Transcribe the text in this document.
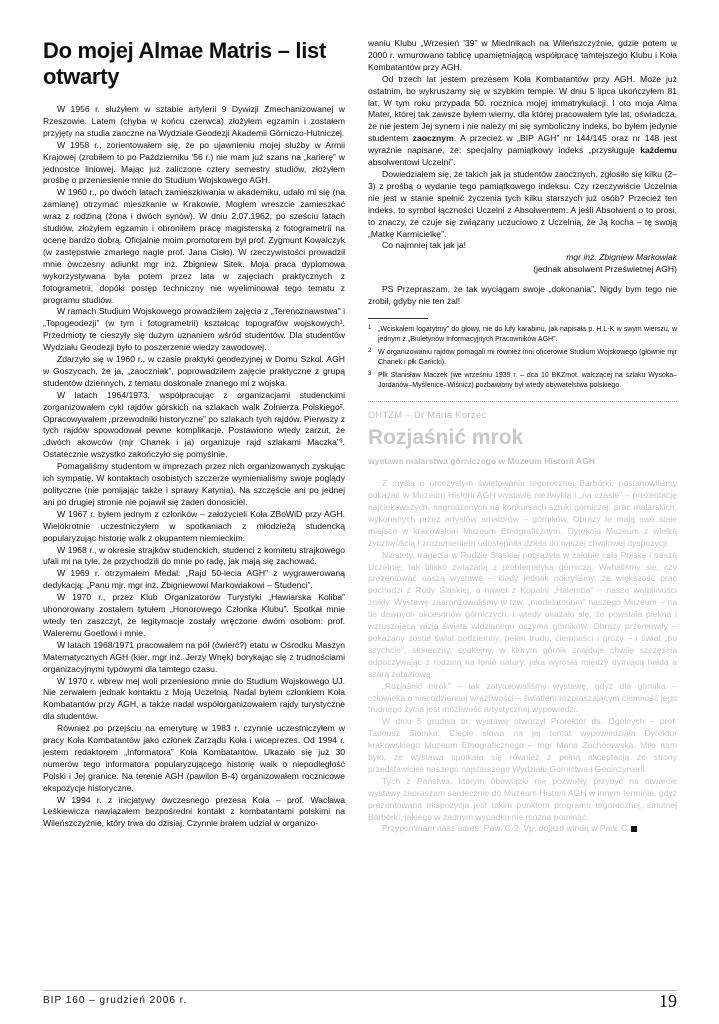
Do mojej Almae Matris – list otwarty

W 1956 r. służyłem w sztabie artylerii 9 Dywizji Zmechanizowanej w Rzeszowie. Latem (chyba w końcu czerwca) złożyłem egzamin i zostałem przyjęty na studia zaoczne na Wydziale Geodezji Akademii Górniczo-Hutniczej.

W 1958 r., zorientowałem się, że po ujawnieniu mojej służby w Armii Krajowej (zrobiłem to po Październiku '56 r.) nie mam już szans na „karierę” w jednostce liniowej. Mając już zaliczone cztery semestry studiów, złożyłem prośbę o przeniesienie mnie do Studium Wojskowego AGH.

W 1960 r., po dwóch latach zamieszkiwania w akademiku, udało mi się (na zamianę) otrzymać mieszkanie w Krakowie. Mogłem wreszcie zamieszkać wraz z rodziną (żona i dwóch synów). W dniu 2.07.1962, po sześciu latach studiów, złożyłem egzamin i obroniłem pracę magisterską z fotogrametrii na ocenę bardzo dobrą. Oficjalnie moim promotorem był prof. Zygmunt Kowalczyk (w zastępstwie zmarłego nagle prof. Jana Cisło). W rzeczywistości prowadził mnie ówczesny adiunkt mgr inż. Zbigniew Sitek. Moja praca dyplomowa wykorzystywana była potem przez lata w zajęciach praktycznych z fotogrametrii, dopóki postęp techniczny nie wyeliminował tego tematu z programu studiów.

W ramach Studium Wojskowego prowadziłem zajęcia z „Terenoznawstwa” i „Topogeodezji” (w tym i fotogrametrii) kształcąc topografów wojskowych¹. Przedmioty te cieszyły się dużym uznaniem wśród studentów. Dla studentów Wydziału Geodezji było to poszerzenie wiedzy zawodowej.

Zdarzyło się w 1960 r., w czasie praktyki geodezyjnej w Domu Szkol. AGH w Goszycach, że ja, „zaoczniak”, poprowadziłem zajęcie praktyczne z grupą studentów dziennych, z tematu doskonale znanego mi z wojska.

W latach 1964/1973, współpracując z organizacjami studenckimi zorganizowałem cykl rajdów górskich na szlakach walk Żołnierza Polskiego². Opracowywałem „przewodniki historyczne” po szlakach tych rajdów. Pierwszy z tych rajdów spowodował pewne komplikacje. Postawiono wtedy zarzut, że „dwóch akowców (mjr Chanek i ja) organizuje rajd szlakami Maczka”³. Ostatecznie wszystko zakończyło się pomyślnie.

Pomagaliśmy studentom w imprezach przez nich organizowanych zyskując ich sympatię. W kontaktach osobistych szczerze wymienialiśmy swoje poglądy polityczne (nie pomijając także i sprawy Katynia). Na szczęście ani po jednej ani po drugiej stronie nie pojawił się żaden donosiciel.

W 1967 r. byłem jednym z członków – założycieli Koła ZBoWiD przy AGH. Wielokrotnie uczestniczyłem w spotkaniach z młodzieżą studencką popularyzując historię walk z okupantem niemieckim.

W 1968 r., w okresie strajków studenckich, studenci z komitetu strajkowego ufali mi na tyle, że przychodzili do mnie po radę, jak mają się zachować.

W 1969 r. otrzymałem Medal: „Rajd 50-lecia AGH” z wygrawerowaną dedykacją: „Panu mjr. mgr inż. Zbigniewowi Markowiakowi – Studenci”.

W 1970 r., przez Klub Organizatorów Turystyki „Hawiarska Koliba” uhonorowany zostałem tytułem „Honorowego Członka Klubu”. Spotkał mnie wtedy ten zaszczyt, że legitymacje zostały wręczone dwóm osobom: prof. Waleremu Goetlowi i mnie.

W latach 1968/1971 pracowałem na pół (ćwierć?) etatu w Ośrodku Maszyn Matematycznych AGH (kier. mgr inż. Jerzy Wnęk) borykając się z trudnościami organizacyjnymi typowymi dla tamtego czasu.

W 1970 r. wbrew mej woli przeniesiono mnie do Studium Wojskowego UJ. Nie zerwałem jednak kontaktu z Moją Uczelnią. Nadal byłem członkiem Koła Kombatantów przy AGH, a także nadal współorganizowałem rajdy turystyczne dla studentów.

Również po przejściu na emeryturę w 1983 r. czynnie uczestniczyłem w pracy Koła Kombatantów jako członek Zarządu Koła i wiceprezes. Od 1994 r. jestem redaktorem „Informatora” Koła Kombatantów. Ukazało się już 30 numerów tego informatora popularyzującego historię walk o niepodległość Polski i Jej granice. Na terenie AGH (pawilon B-4) organizowałem rocznicowe ekspozycje historyczne.

W 1994 r. z inicjatywy ówczesnego prezesa Koła – prof. Wacława Leśkiewicza nawiązałem bezpośredni kontakt z kombatantami polskimi na Wileńszczyźnie, który trwa do dzisiaj. Czynnie brałem udział w organizo-

waniu Klubu „Wrzesień '39” w Miednikach na Wileńszczyźnie, gdzie potem w 2000 r. wmurowano tablicę upamiętniającą współpracę tamtejszego Klubu i Koła Kombatantów przy AGH.

Od trzech lat jestem prezesem Koła Kombatantów przy AGH. Może już ostatnim, bo wykruszamy się w szybkim tempie. W dniu 5 lipca ukończyłem 81 lat. W tym roku przypada 50. rocznica mojej immatrykulacji. I oto moja Alma Mater, której tak zawsze byłem wierny, dla której pracowałem tyle lat, oświadcza, że nie jestem Jej synem i nie należy mi się symboliczny indeks, bo byłem jedynie studentem zaocznym. A przecież w „BIP AGH” nr 144/145 oraz nr 148 jest wyraźnie napisane, że: specjalny pamiątkowy indeks „przysługuje każdemu absolwentowi Uczelni”.

Dowiedziałem się, że takich jak ja studentów zaocznych, zgłosiło się kilku (2–3) z prośbą o wydanie tego pamiątkowego indeksu. Czy rzeczywiście Uczelnia nie jest w stanie spełnić życzenia tych kilku starszych już osób? Przecież ten indeks, to symbol łączności Uczelni z Absolwentem. A jeśli Absolwent o to prosi, to znaczy, że czuje się związany uczuciowo z Uczelnią, że Ją kocha – tę swoją „Matkę Karmicielkę”.

Co najmniej tak jak ja!

mgr inż. Zbigniew Markowiak

(jednak absolwent Prześwietnej AGH)

PS Przepraszam, że tak wyciągam swoje „dokonania”. Nigdy bym tego nie zrobił, gdyby nie ten żal!

1 „Wciskałem logarytmy” do głowy, nie do lufy karabinu, jak napisała p. H.L-K w swym wierszu, w jednym z „Biuletynów Informacyjnych Pracowników AGH”.

2 W organizowaniu rajdów pomagali mi również inni oficerowie Studium Wojskowego (głównie mjr Chanek i płk Garlicki).

3 Płk Stanisław Maczek (we wrześniu 1939 r. – dca 10 BKZmot. walczącej na szlaku Wysoka–Jordanów–Myślenice–Wiśnicz) pozbawiony był wtedy obywatelstwa polskiego.

OHTZM – Dr Maria Korzec
Rozjaśnić mrok
wystawa malarstwa górniczego w Muzeum Historii AGH

Z myślą o uroczystym świętowaniu tegorocznej Barbórki, postanowiliśmy pokazać w Muzeum Historii AGH wystawę niezwykłą i „na czasie” – prezentację najciekawszych, nagrodzonych na konkursach sztuki górniczej, prac malarskich, wykonanych przez artystów amatorów – górników. Obrazy te mają swe stałe miejsce w krakowskim Muzeum Etnograficznym. Dyrekcja Muzeum z wielką życzliwością i zrozumieniem udostępniła dzieła do naszej chwilowej dyspozycji.

Niestety, tragedia w Rudzie Śląskiej pogrążyła w żałobie całą Polskę i naszą Uczelnię, tak blisko związaną z problematyką górniczą. Wahaliśmy się, czy prezentować naszą wystawę – kiedy jednak odkryliśmy, że większość prac pochodzi z Rudy Śląskiej, a nawet z Kopalni „Halemba” – nasze wątpliwości znikły. Wystawę zaaranżowaliśmy w tzw. „modelatorium” naszego Muzeum – na tle dawnych akcesoriów górniczych. I wtedy okazało się, że powstała piękna i wzruszająca wizja świata widzianego oczyma górników. Obrazy przemówiły – pokazany został świat podziemny, pełen trudu, ciemności i grozy – i świat „po szychcie”, słoneczny, spokojny, w którym górnik znajduje chwilę szczęścia odpoczywając z rodziną na łonie natury, jaka wyrosła między dymiącą hałdą a szarą zabudową.

„Rozjaśnić mrok” – tak zatytułowaliśmy wystawę, gdyż dla górnika – człowieka o niecodziennej wrażliwości – światłem rozpraszającym ciemność jego trudnego życia jest możliwość artystycznej wypowiedzi.

W dniu 5 grudnia br. wystawę otworzył Prorektor ds. Ogólnych – prof. Tadeusz Słomka. Ciepłe słowa na jej temat wypowiedziała Dyrektor krakowskiego Muzeum Etnograficznego – mgr Maria Zachorowska. Miło nam było, że wystawa spotkała się również z pełną akceptacją ze strony przedstawicieli naszego najstarszego Wydziału Górnictwa i Geoinżynierii.

Tych z Państwa, którym obowiązki nie pozwoliły przybyć na otwarcie wystawy zapraszam serdecznie do Muzeum Historii AGH w innym terminie, gdyż prezentowana ekspozycja jest takim punktem programu tegorocznej, smutnej Barbórki, jakiego w żadnym wypadku nie można pominąć.

Przypominam nasz adres: Paw. C-2, Vp, dojazd windą w Paw. C.

BIP 160 – grudzień 2006 r.	19
